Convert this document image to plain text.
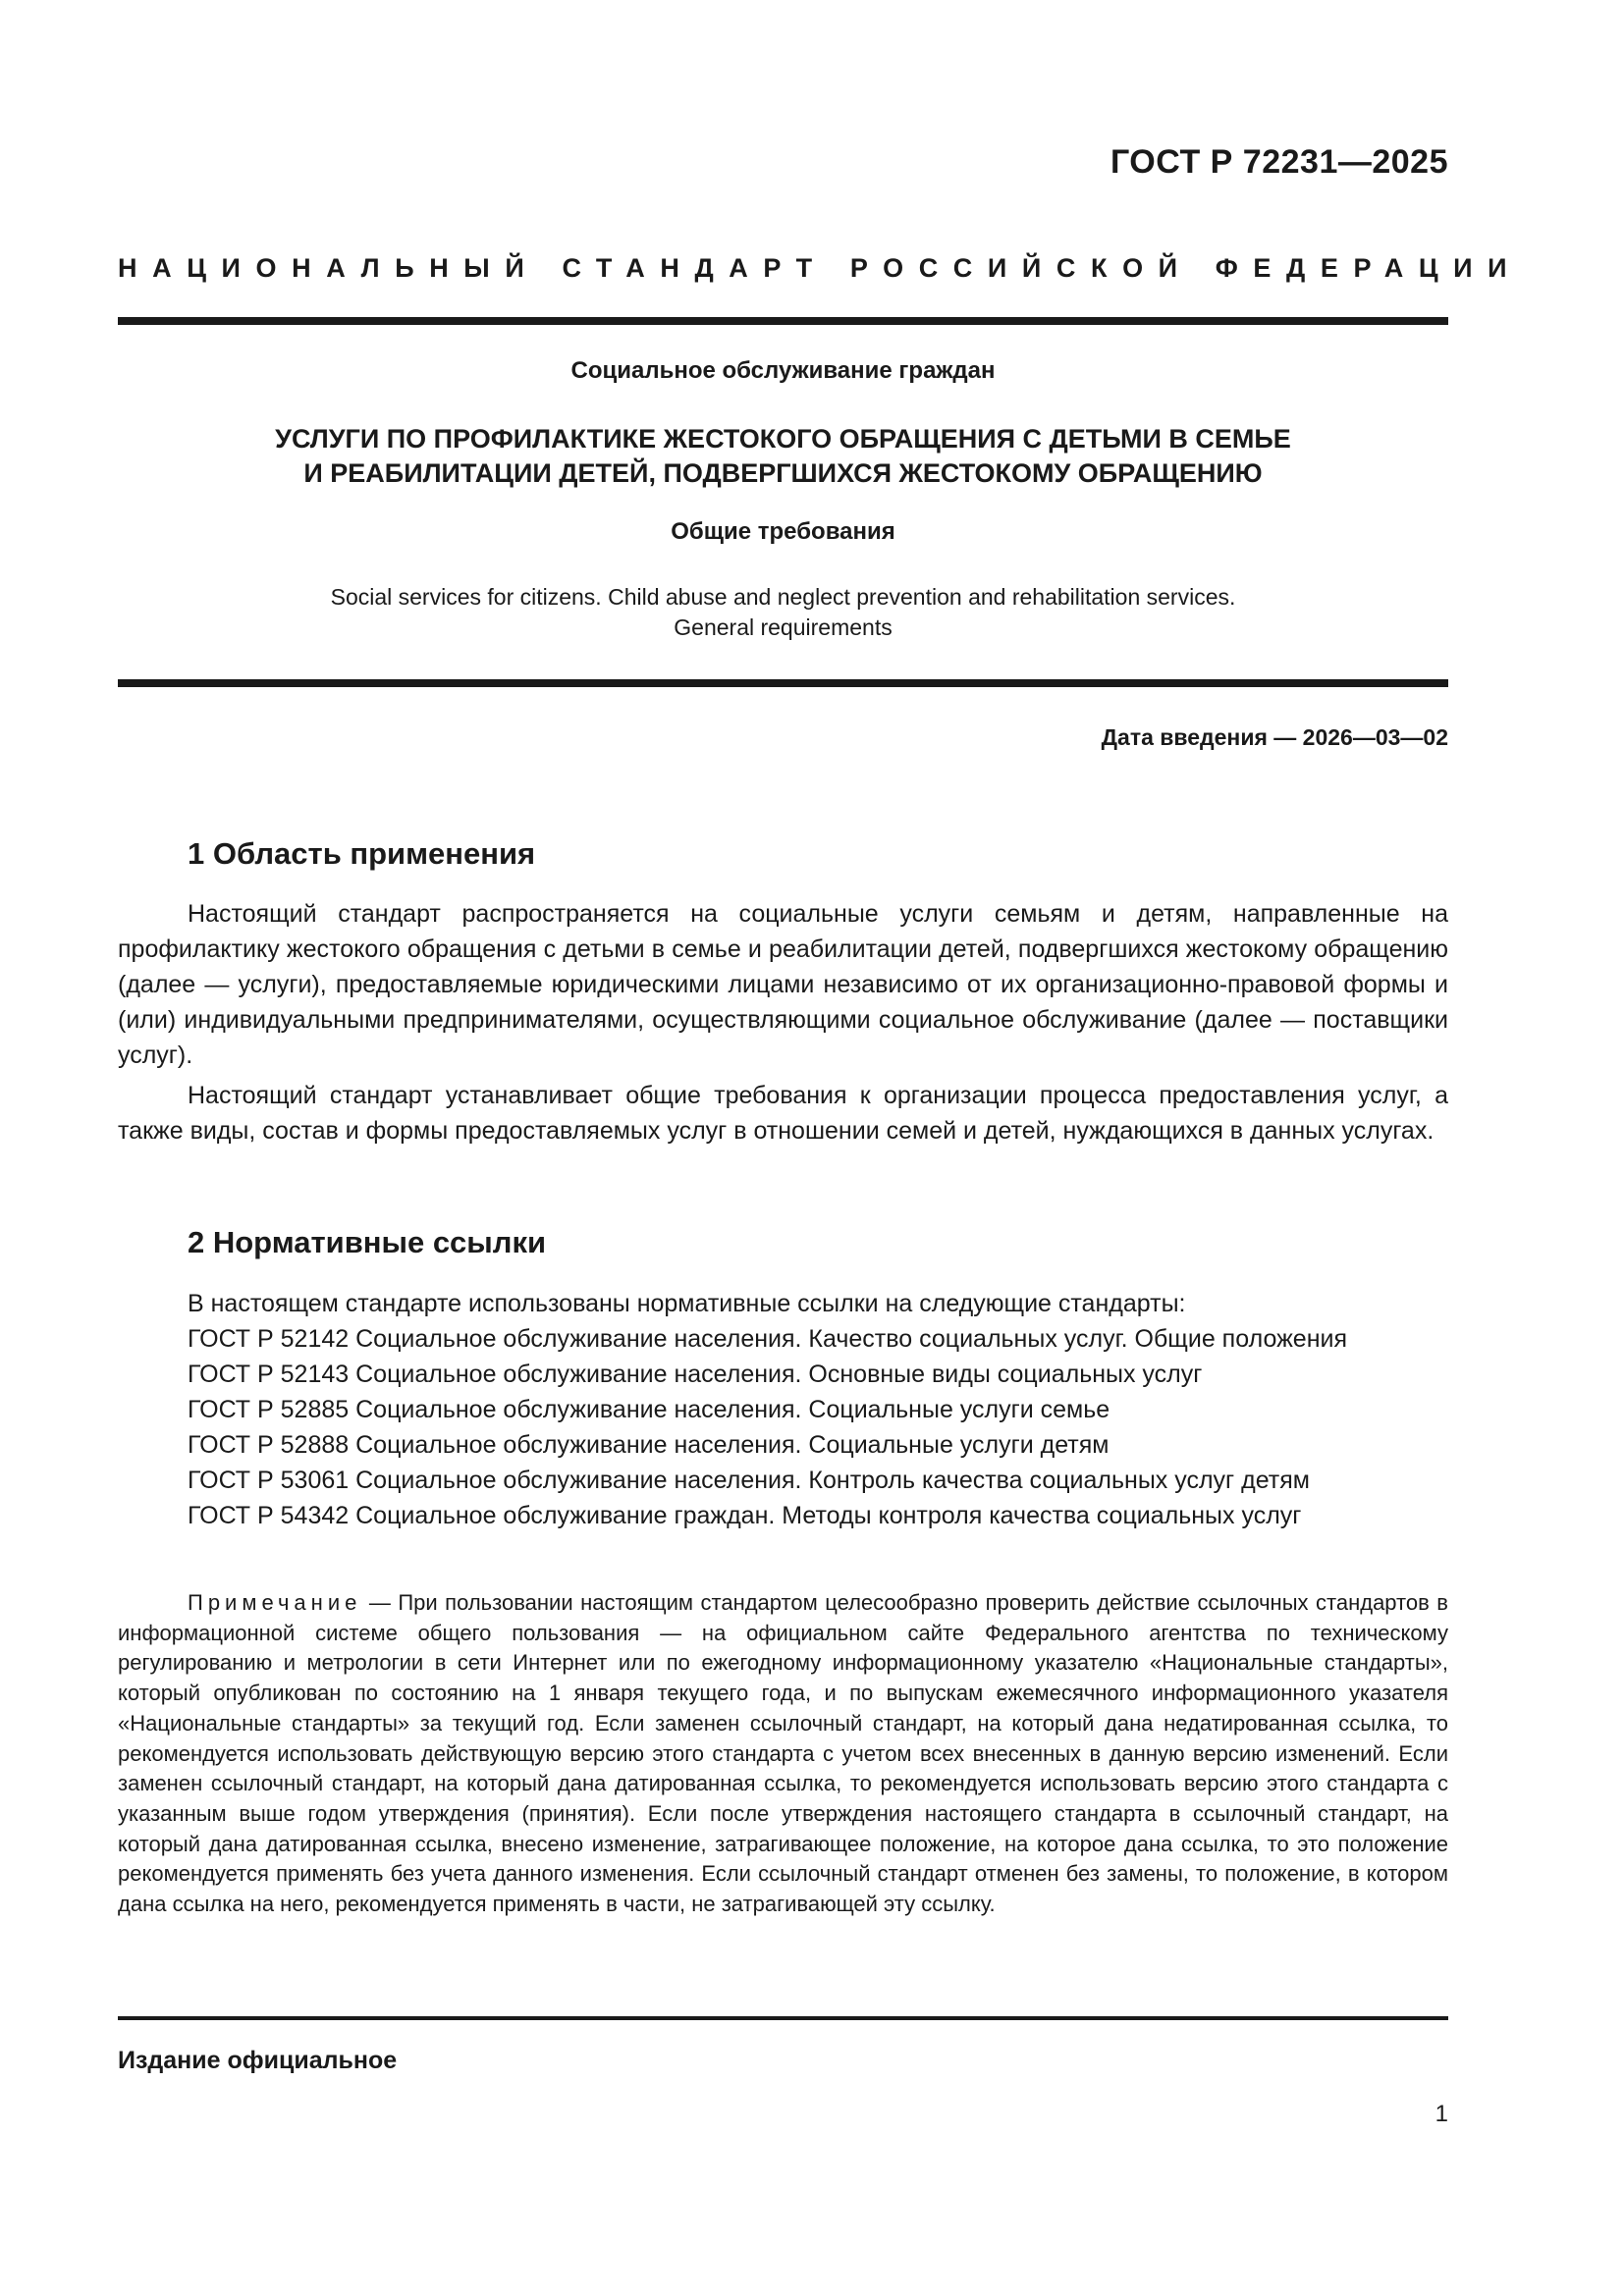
ГОСТ Р 72231—2025
НАЦИОНАЛЬНЫЙ СТАНДАРТ РОССИЙСКОЙ ФЕДЕРАЦИИ
Социальное обслуживание граждан
УСЛУГИ ПО ПРОФИЛАКТИКЕ ЖЕСТОКОГО ОБРАЩЕНИЯ С ДЕТЬМИ В СЕМЬЕ
И РЕАБИЛИТАЦИИ ДЕТЕЙ, ПОДВЕРГШИХСЯ ЖЕСТОКОМУ ОБРАЩЕНИЮ
Общие требования
Social services for citizens. Child abuse and neglect prevention and rehabilitation services.
General requirements
Дата введения — 2026—03—02
1 Область применения

Настоящий стандарт распространяется на социальные услуги семьям и детям, направленные на профилактику жестокого обращения с детьми в семье и реабилитации детей, подвергшихся жестокому обращению (далее — услуги), предоставляемые юридическими лицами независимо от их организационно-правовой формы и (или) индивидуальными предпринимателями, осуществляющими социальное обслуживание (далее — поставщики услуг).

Настоящий стандарт устанавливает общие требования к организации процесса предоставления услуг, а также виды, состав и формы предоставляемых услуг в отношении семей и детей, нуждающихся в данных услугах.

2 Нормативные ссылки
В настоящем стандарте использованы нормативные ссылки на следующие стандарты:
ГОСТ Р 52142 Социальное обслуживание населения. Качество социальных услуг. Общие положения
ГОСТ Р 52143 Социальное обслуживание населения. Основные виды социальных услуг
ГОСТ Р 52885 Социальное обслуживание населения. Социальные услуги семье
ГОСТ Р 52888 Социальное обслуживание населения. Социальные услуги детям
ГОСТ Р 53061 Социальное обслуживание населения. Контроль качества социальных услуг детям
ГОСТ Р 54342 Социальное обслуживание граждан. Методы контроля качества социальных услуг

Примечание — При пользовании настоящим стандартом целесообразно проверить действие ссылочных стандартов в информационной системе общего пользования — на официальном сайте Федерального агентства по техническому регулированию и метрологии в сети Интернет или по ежегодному информационному указателю «Национальные стандарты», который опубликован по состоянию на 1 января текущего года, и по выпускам ежемесячного информационного указателя «Национальные стандарты» за текущий год. Если заменен ссылочный стандарт, на который дана недатированная ссылка, то рекомендуется использовать действующую версию этого стандарта с учетом всех внесенных в данную версию изменений. Если заменен ссылочный стандарт, на который дана датированная ссылка, то рекомендуется использовать версию этого стандарта с указанным выше годом утверждения (принятия). Если после утверждения настоящего стандарта в ссылочный стандарт, на который дана датированная ссылка, внесено изменение, затрагивающее положение, на которое дана ссылка, то это положение рекомендуется применять без учета данного изменения. Если ссылочный стандарт отменен без замены, то положение, в котором дана ссылка на него, рекомендуется применять в части, не затрагивающей эту ссылку.

Издание официальное
1
